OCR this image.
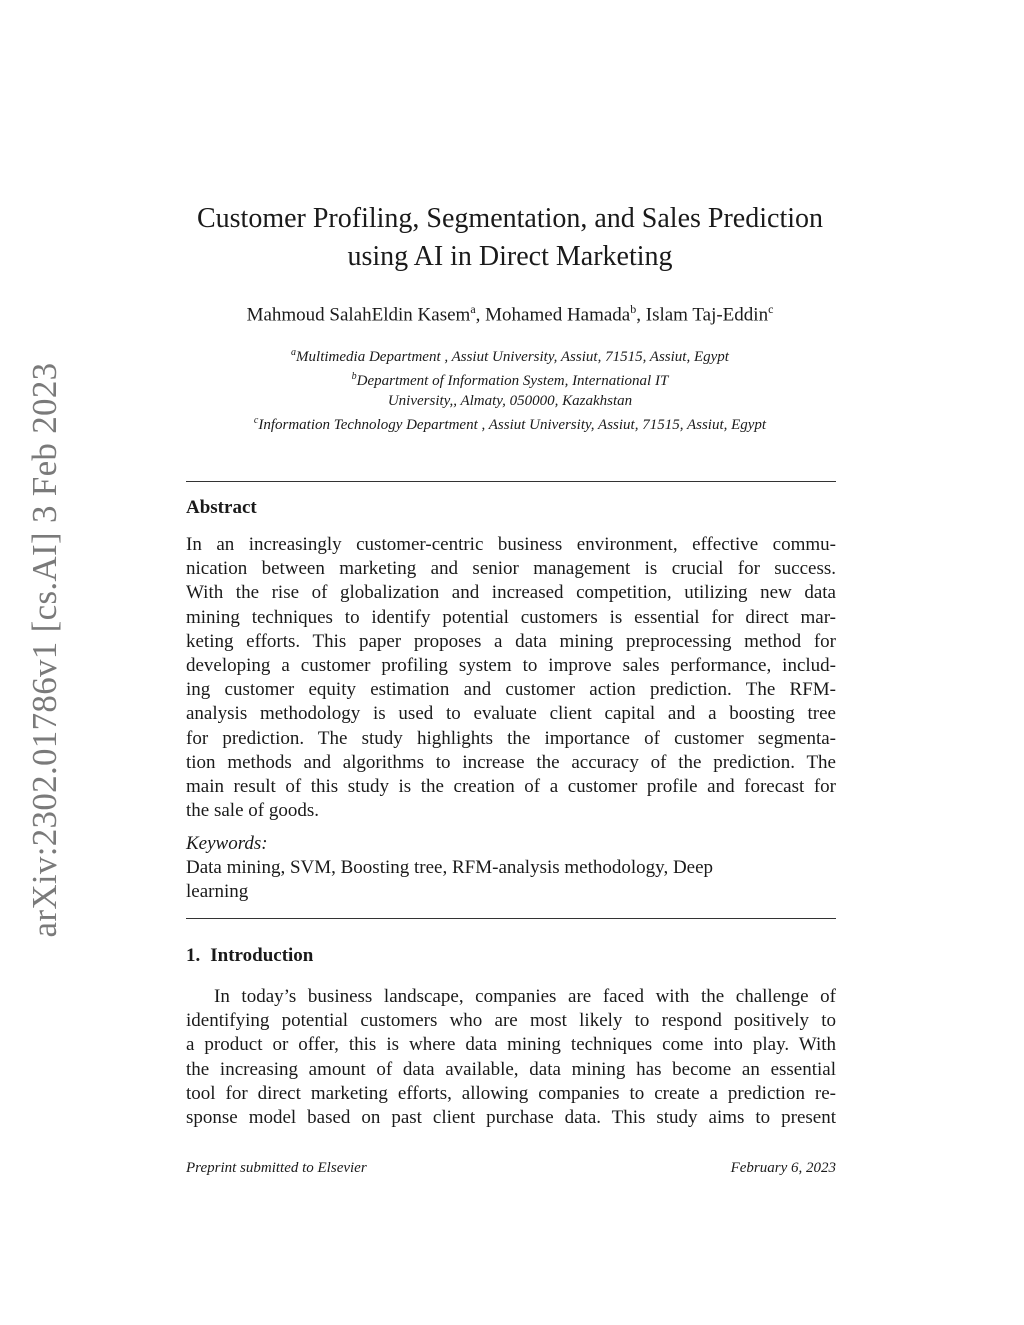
arXiv:2302.01786v1 [cs.AI] 3 Feb 2023
Customer Profiling, Segmentation, and Sales Prediction
using AI in Direct Marketing
Mahmoud SalahEldin Kasem$^a$, Mohamed Hamada$^b$, Islam Taj-Eddin$^c$
$^a$Multimedia Department , Assiut University, Assiut, 71515, Assiut, Egypt
$^b$Department of Information System, International IT
University,, Almaty, 050000, Kazakhstan
$^c$Information Technology Department , Assiut University, Assiut, 71515, Assiut, Egypt
Abstract
In an increasingly customer-centric business environment, effective commu-
nication between marketing and senior management is crucial for success.
With the rise of globalization and increased competition, utilizing new data
mining techniques to identify potential customers is essential for direct mar-
keting efforts. This paper proposes a data mining preprocessing method for
developing a customer profiling system to improve sales performance, includ-
ing customer equity estimation and customer action prediction. The RFM-
analysis methodology is used to evaluate client capital and a boosting tree
for prediction. The study highlights the importance of customer segmenta-
tion methods and algorithms to increase the accuracy of the prediction. The
main result of this study is the creation of a customer profile and forecast for
the sale of goods.
Keywords:
Data mining, SVM, Boosting tree, RFM-analysis methodology, Deep
learning
1. Introduction
In today’s business landscape, companies are faced with the challenge of
identifying potential customers who are most likely to respond positively to
a product or offer, this is where data mining techniques come into play. With
the increasing amount of data available, data mining has become an essential
tool for direct marketing efforts, allowing companies to create a prediction re-
sponse model based on past client purchase data. This study aims to present
Preprint submitted to Elsevier	February 6, 2023
